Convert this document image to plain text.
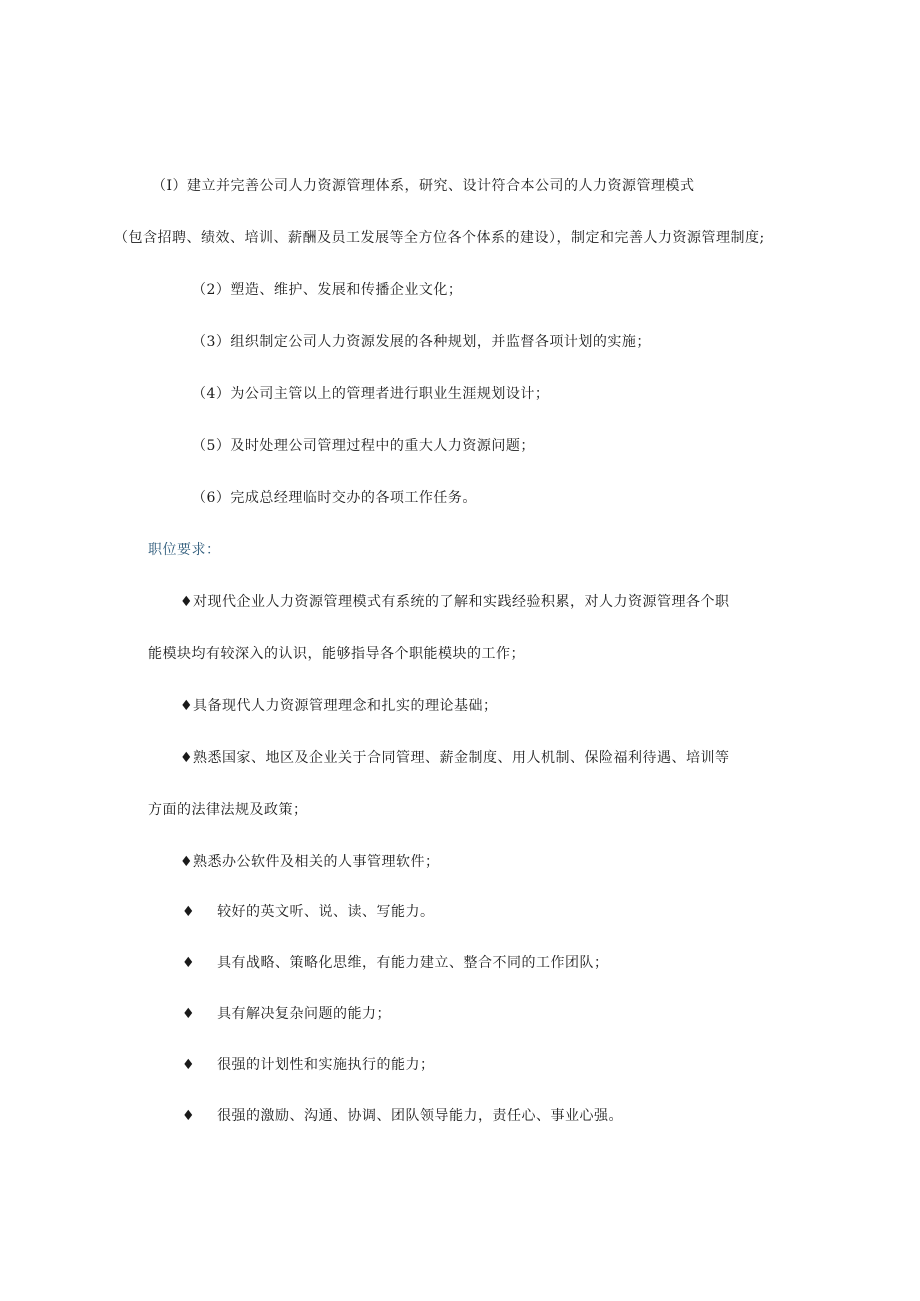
（I）建立并完善公司人力资源管理体系，研究、设计符合本公司的人力资源管理模式

（包含招聘、绩效、培训、薪酬及员工发展等全方位各个体系的建设），制定和完善人力资源管理制度;

（2）塑造、维护、发展和传播企业文化；

（3）组织制定公司人力资源发展的各种规划，并监督各项计划的实施；

（4）为公司主管以上的管理者进行职业生涯规划设计；

（5）及时处理公司管理过程中的重大人力资源问题；

（6）完成总经理临时交办的各项工作任务。

职位要求：

♦对现代企业人力资源管理模式有系统的了解和实践经验积累，对人力资源管理各个职

能模块均有较深入的认识，能够指导各个职能模块的工作；

♦具备现代人力资源管理理念和扎实的理论基础；

♦熟悉国家、地区及企业关于合同管理、薪金制度、用人机制、保险福利待遇、培训等

方面的法律法规及政策；

♦熟悉办公软件及相关的人事管理软件；

♦ 较好的英文听、说、读、写能力。
♦ 具有战略、策略化思维，有能力建立、整合不同的工作团队；
♦ 具有解决复杂问题的能力；
♦ 很强的计划性和实施执行的能力；
♦ 很强的激励、沟通、协调、团队领导能力，责任心、事业心强。
